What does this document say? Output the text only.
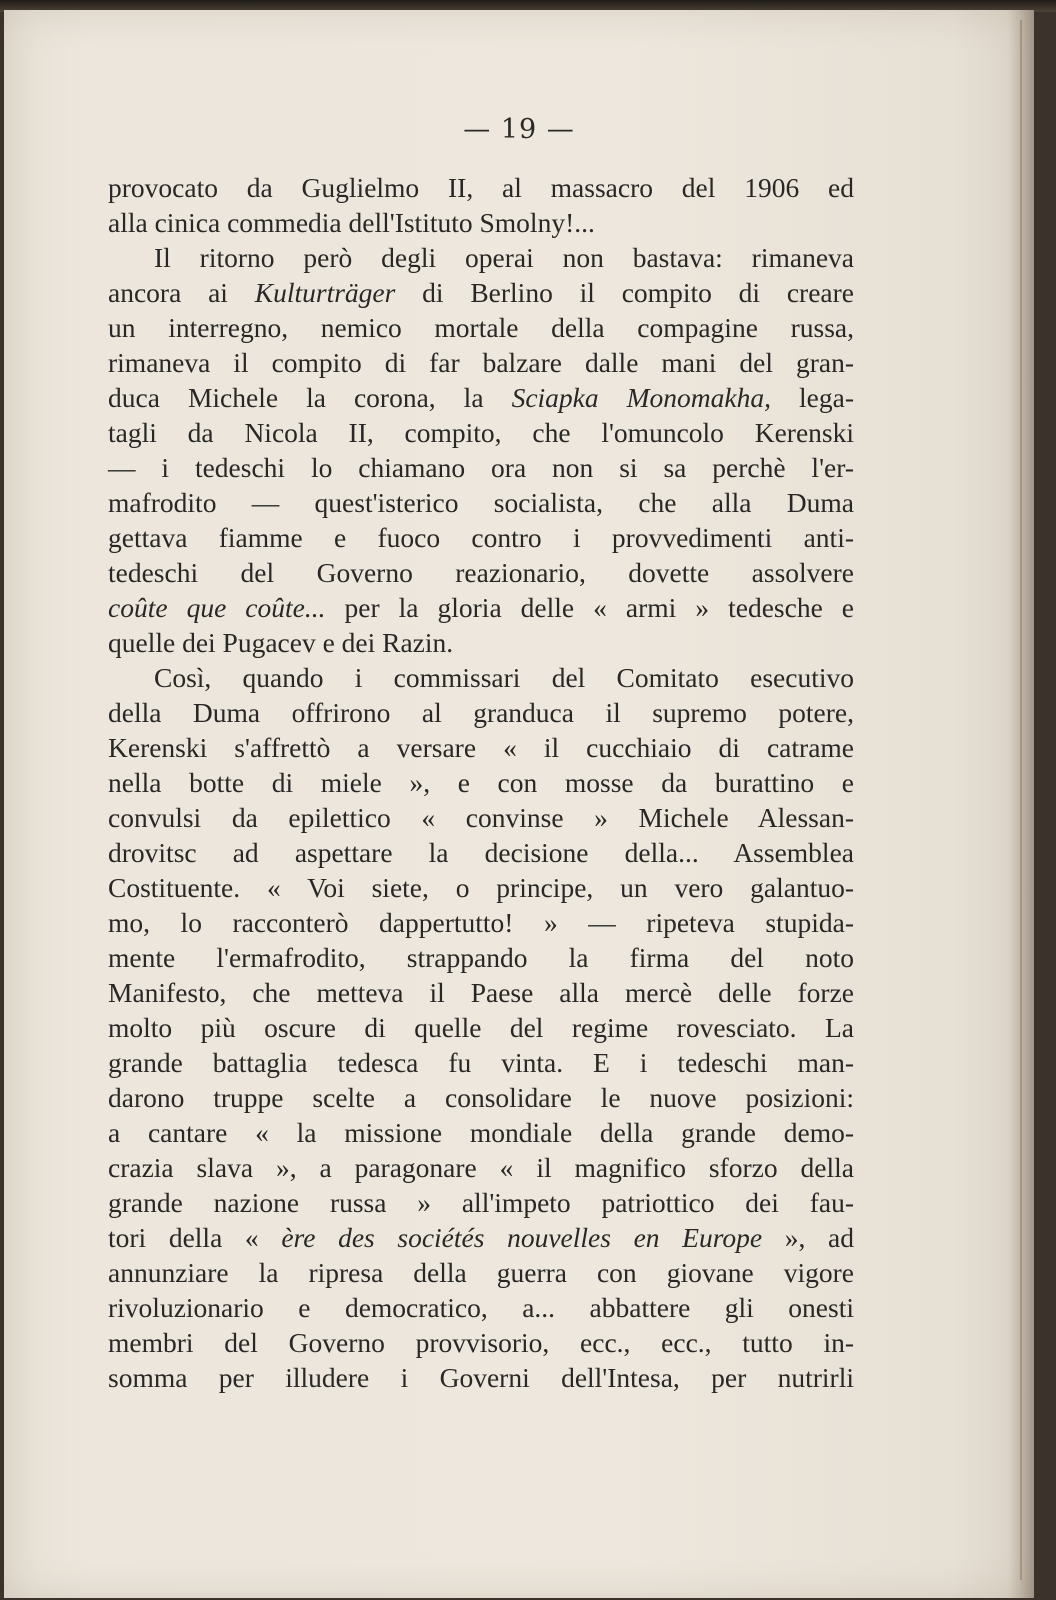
— 19 —
provocato da Guglielmo II, al massacro del 1906 ed
alla cinica commedia dell'Istituto Smolny!...
Il ritorno però degli operai non bastava: rimaneva
ancora ai Kulturträger di Berlino il compito di creare
un interregno, nemico mortale della compagine russa,
rimaneva il compito di far balzare dalle mani del gran-
duca Michele la corona, la Sciapka Monomakha, lega-
tagli da Nicola II, compito, che l'omuncolo Kerenski
— i tedeschi lo chiamano ora non si sa perchè l'er-
mafrodito — quest'isterico socialista, che alla Duma
gettava fiamme e fuoco contro i provvedimenti anti-
tedeschi del Governo reazionario, dovette assolvere
coûte que coûte... per la gloria delle « armi » tedesche e
quelle dei Pugacev e dei Razin.
Così, quando i commissari del Comitato esecutivo
della Duma offrirono al granduca il supremo potere,
Kerenski s'affrettò a versare « il cucchiaio di catrame
nella botte di miele », e con mosse da burattino e
convulsi da epilettico « convinse » Michele Alessan-
drovitsc ad aspettare la decisione della... Assemblea
Costituente. « Voi siete, o principe, un vero galantuo-
mo, lo racconterò dappertutto! » — ripeteva stupida-
mente l'ermafrodito, strappando la firma del noto
Manifesto, che metteva il Paese alla mercè delle forze
molto più oscure di quelle del regime rovesciato. La
grande battaglia tedesca fu vinta. E i tedeschi man-
darono truppe scelte a consolidare le nuove posizioni:
a cantare « la missione mondiale della grande demo-
crazia slava », a paragonare « il magnifico sforzo della
grande nazione russa » all'impeto patriottico dei fau-
tori della « ère des sociétés nouvelles en Europe », ad
annunziare la ripresa della guerra con giovane vigore
rivoluzionario e democratico, a... abbattere gli onesti
membri del Governo provvisorio, ecc., ecc., tutto in-
somma per illudere i Governi dell'Intesa, per nutrirli
